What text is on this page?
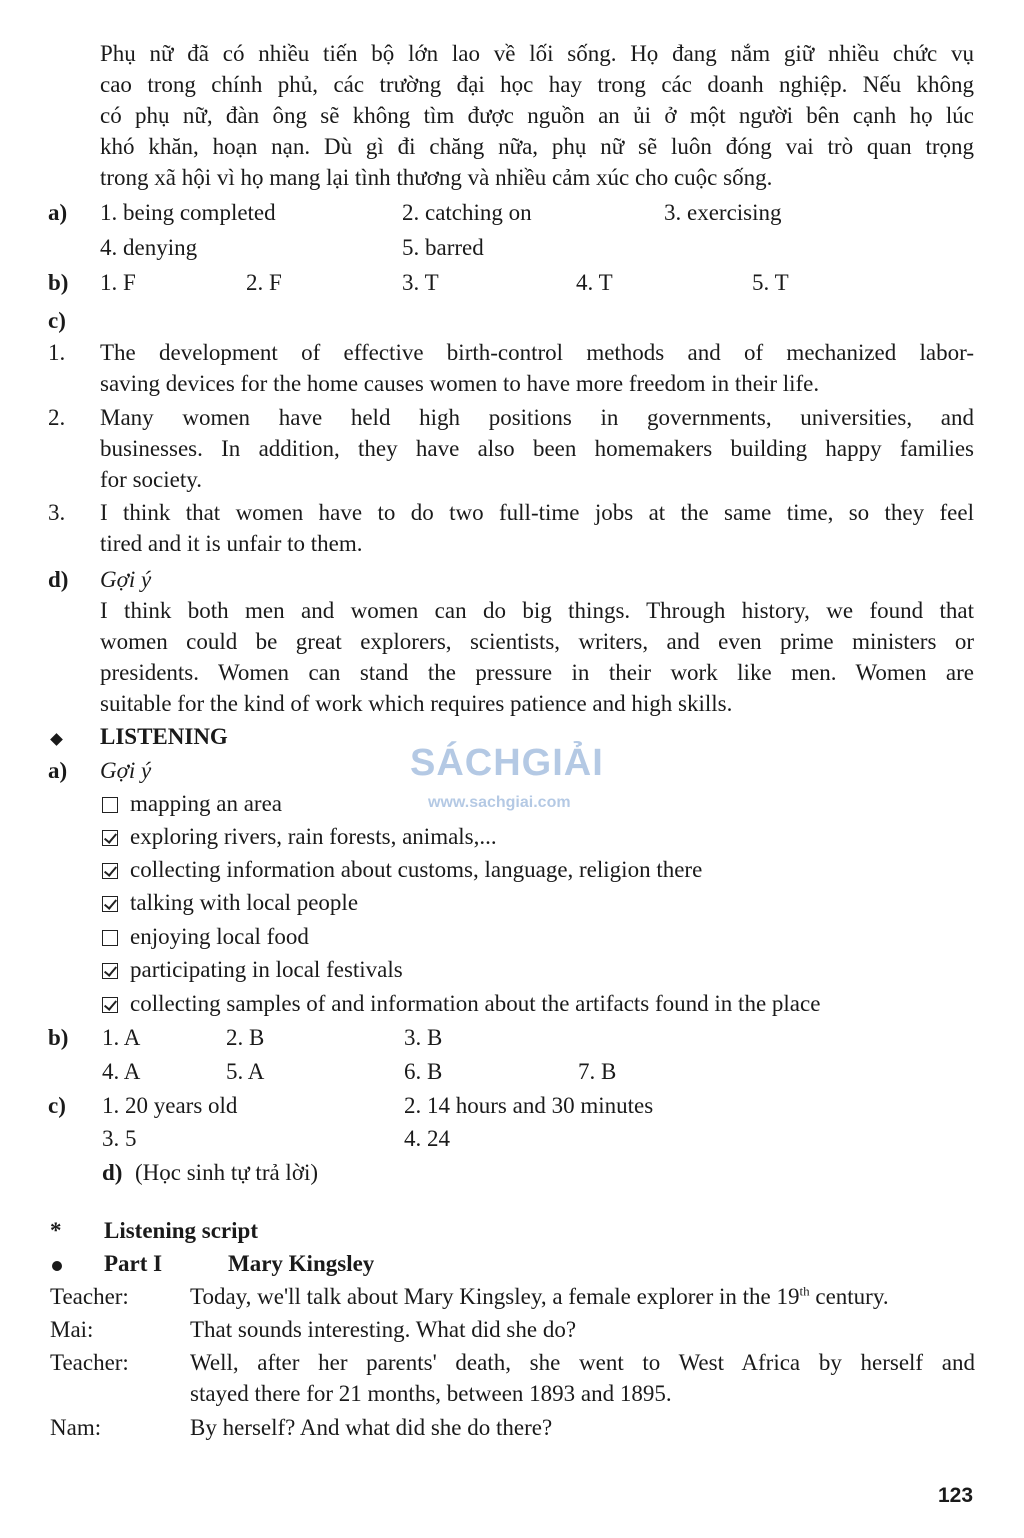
Phụ nữ đã có nhiều tiến bộ lớn lao về lối sống. Họ đang nắm giữ nhiều chức vụ
cao trong chính phủ, các trường đại học hay trong các doanh nghiệp. Nếu không
có phụ nữ, đàn ông sẽ không tìm được nguồn an ủi ở một người bên cạnh họ lúc
khó khăn, hoạn nạn. Dù gì đi chăng nữa, phụ nữ sẽ luôn đóng vai trò quan trọng
trong xã hội vì họ mang lại tình thương và nhiều cảm xúc cho cuộc sống.
a) 1. being completed	2. catching on	3. exercising
4. denying	5. barred
b) 1. F	2. F	3. T	4. T	5. T
c)
1. The development of effective birth-control methods and of mechanized labor-
saving devices for the home causes women to have more freedom in their life.
2. Many women have held high positions in governments, universities, and
businesses. In addition, they have also been homemakers building happy families
for society.
3. I think that women have to do two full-time jobs at the same time, so they feel
tired and it is unfair to them.
d) Gợi ý
I think both men and women can do big things. Through history, we found that
women could be great explorers, scientists, writers, and even prime ministers or
presidents. Women can stand the pressure in their work like men. Women are
suitable for the kind of work which requires patience and high skills.
SÁCHGIẢI
www.sachgiai.com
LISTENING
a) Gợi ý
mapping an area
exploring rivers, rain forests, animals,...
collecting information about customs, language, religion there
talking with local people
enjoying local food
participating in local festivals
collecting samples of and information about the artifacts found in the place
b) 1. A	2. B	3. B
4. A	5. A	6. B	7. B
c) 1. 20 years old	2. 14 hours and 30 minutes
3. 5	4. 24
d) (Học sinh tự trả lời)
* Listening script
Part I	Mary Kingsley
Teacher:	Today, we'll talk about Mary Kingsley, a female explorer in the 19th century.
Mai:	That sounds interesting. What did she do?
Teacher:	Well, after her parents' death, she went to West Africa by herself and
stayed there for 21 months, between 1893 and 1895.
Nam:	By herself? And what did she do there?
123
